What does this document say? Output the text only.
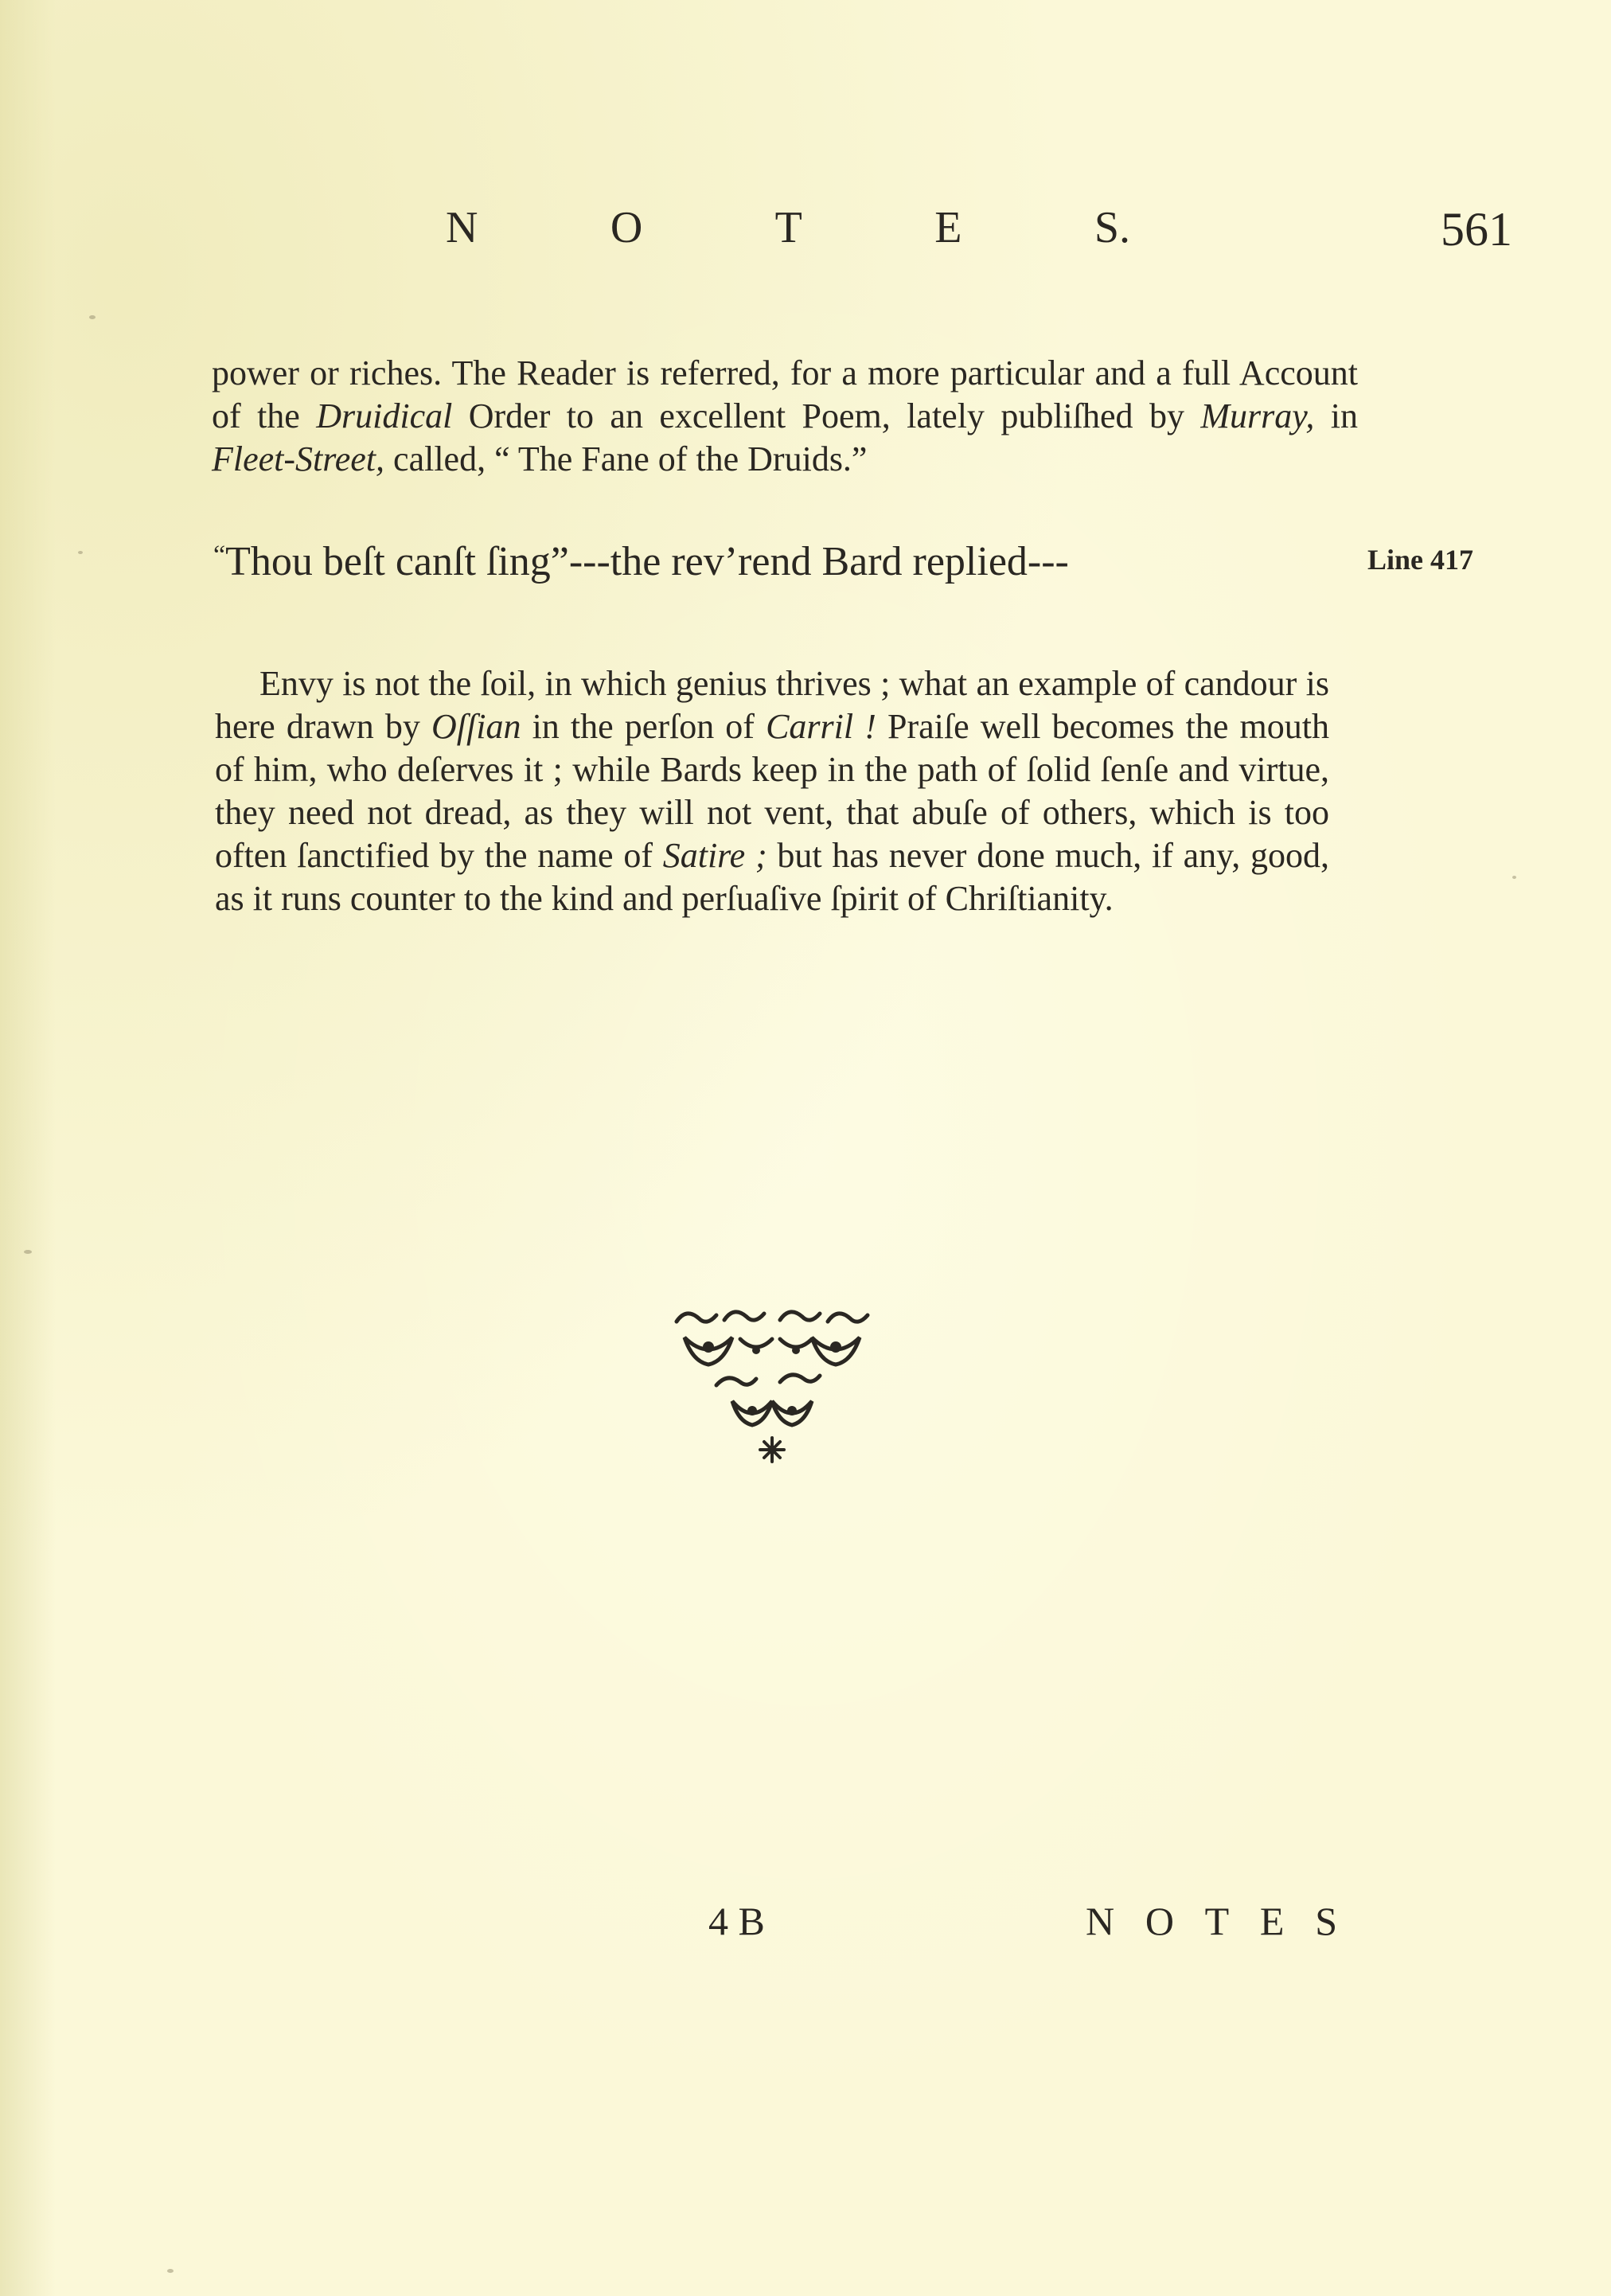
N	O	T	E	S.	561

power or riches. The Reader is referred, for a more particular and a full Account of the Druidical Order to an excellent Poem, lately publiſhed by Murray, in Fleet-Street, called, “ The Fane of the Druids.”

“Thou beſt canſt ſing”---the rev’rend Bard replied---	Line 417

Envy is not the ſoil, in which genius thrives ; what an example of candour is here drawn by Oſſian in the perſon of Carril ! Praiſe well becomes the mouth of him, who deſerves it ; while Bards keep in the path of ſolid ſenſe and virtue, they need not dread, as they will not vent, that abuſe of others, which is too often ſanctified by the name of Satire ; but has never done much, if any, good, as it runs counter to the kind and perſuaſive ſpirit of Chriſtianity.

4 B	N O T E S
